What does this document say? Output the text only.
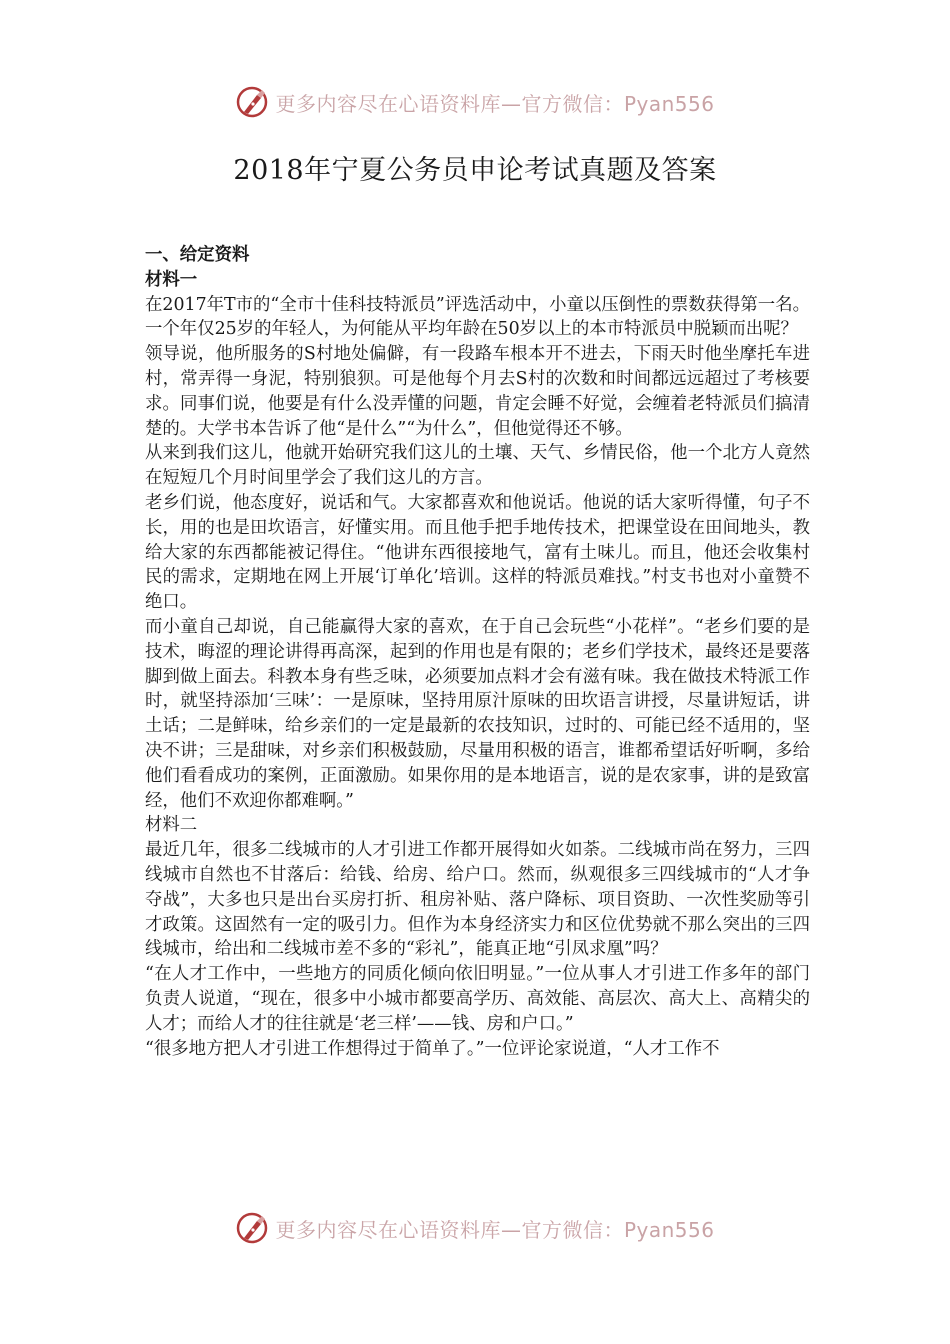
更多内容尽在心语资料库—官方微信：Pyan556
2018年宁夏公务员申论考试真题及答案

一、给定资料

材料一

在2017年T市的“全市十佳科技特派员”评选活动中，小童以压倒性的票数获得第一名。一个年仅25岁的年轻人，为何能从平均年龄在50岁以上的本市特派员中脱颖而出呢？

领导说，他所服务的S村地处偏僻，有一段路车根本开不进去，下雨天时他坐摩托车进村，常弄得一身泥，特别狼狈。可是他每个月去S村的次数和时间都远远超过了考核要求。同事们说，他要是有什么没弄懂的问题，肯定会睡不好觉，会缠着老特派员们搞清楚的。大学书本告诉了他“是什么”“为什么”，但他觉得还不够。

从来到我们这儿，他就开始研究我们这儿的土壤、天气、乡情民俗，他一个北方人竟然在短短几个月时间里学会了我们这儿的方言。

老乡们说，他态度好，说话和气。大家都喜欢和他说话。他说的话大家听得懂，句子不长，用的也是田坎语言，好懂实用。而且他手把手地传技术，把课堂设在田间地头，教给大家的东西都能被记得住。“他讲东西很接地气，富有土味儿。而且，他还会收集村民的需求，定期地在网上开展‘订单化’培训。这样的特派员难找。”村支书也对小童赞不绝口。

而小童自己却说，自己能赢得大家的喜欢，在于自己会玩些“小花样”。“老乡们要的是技术，晦涩的理论讲得再高深，起到的作用也是有限的；老乡们学技术，最终还是要落脚到做上面去。科教本身有些乏味，必须要加点料才会有滋有味。我在做技术特派工作时，就坚持添加‘三味’：一是原味，坚持用原汁原味的田坎语言讲授，尽量讲短话，讲土话；二是鲜味，给乡亲们的一定是最新的农技知识，过时的、可能已经不适用的，坚决不讲；三是甜味，对乡亲们积极鼓励，尽量用积极的语言，谁都希望话好听啊，多给他们看看成功的案例，正面激励。如果你用的是本地语言，说的是农家事，讲的是致富经，他们不欢迎你都难啊。”

材料二

最近几年，很多二线城市的人才引进工作都开展得如火如荼。二线城市尚在努力，三四线城市自然也不甘落后：给钱、给房、给户口。然而，纵观很多三四线城市的“人才争夺战”，大多也只是出台买房打折、租房补贴、落户降标、项目资助、一次性奖励等引才政策。这固然有一定的吸引力。但作为本身经济实力和区位优势就不那么突出的三四线城市，给出和二线城市差不多的“彩礼”，能真正地“引凤求凰”吗？

“在人才工作中，一些地方的同质化倾向依旧明显。”一位从事人才引进工作多年的部门负责人说道，“现在，很多中小城市都要高学历、高效能、高层次、高大上、高精尖的人才；而给人才的往往就是‘老三样’——钱、房和户口。”

“很多地方把人才引进工作想得过于简单了。”一位评论家说道，“人才工作不

更多内容尽在心语资料库—官方微信：Pyan556
